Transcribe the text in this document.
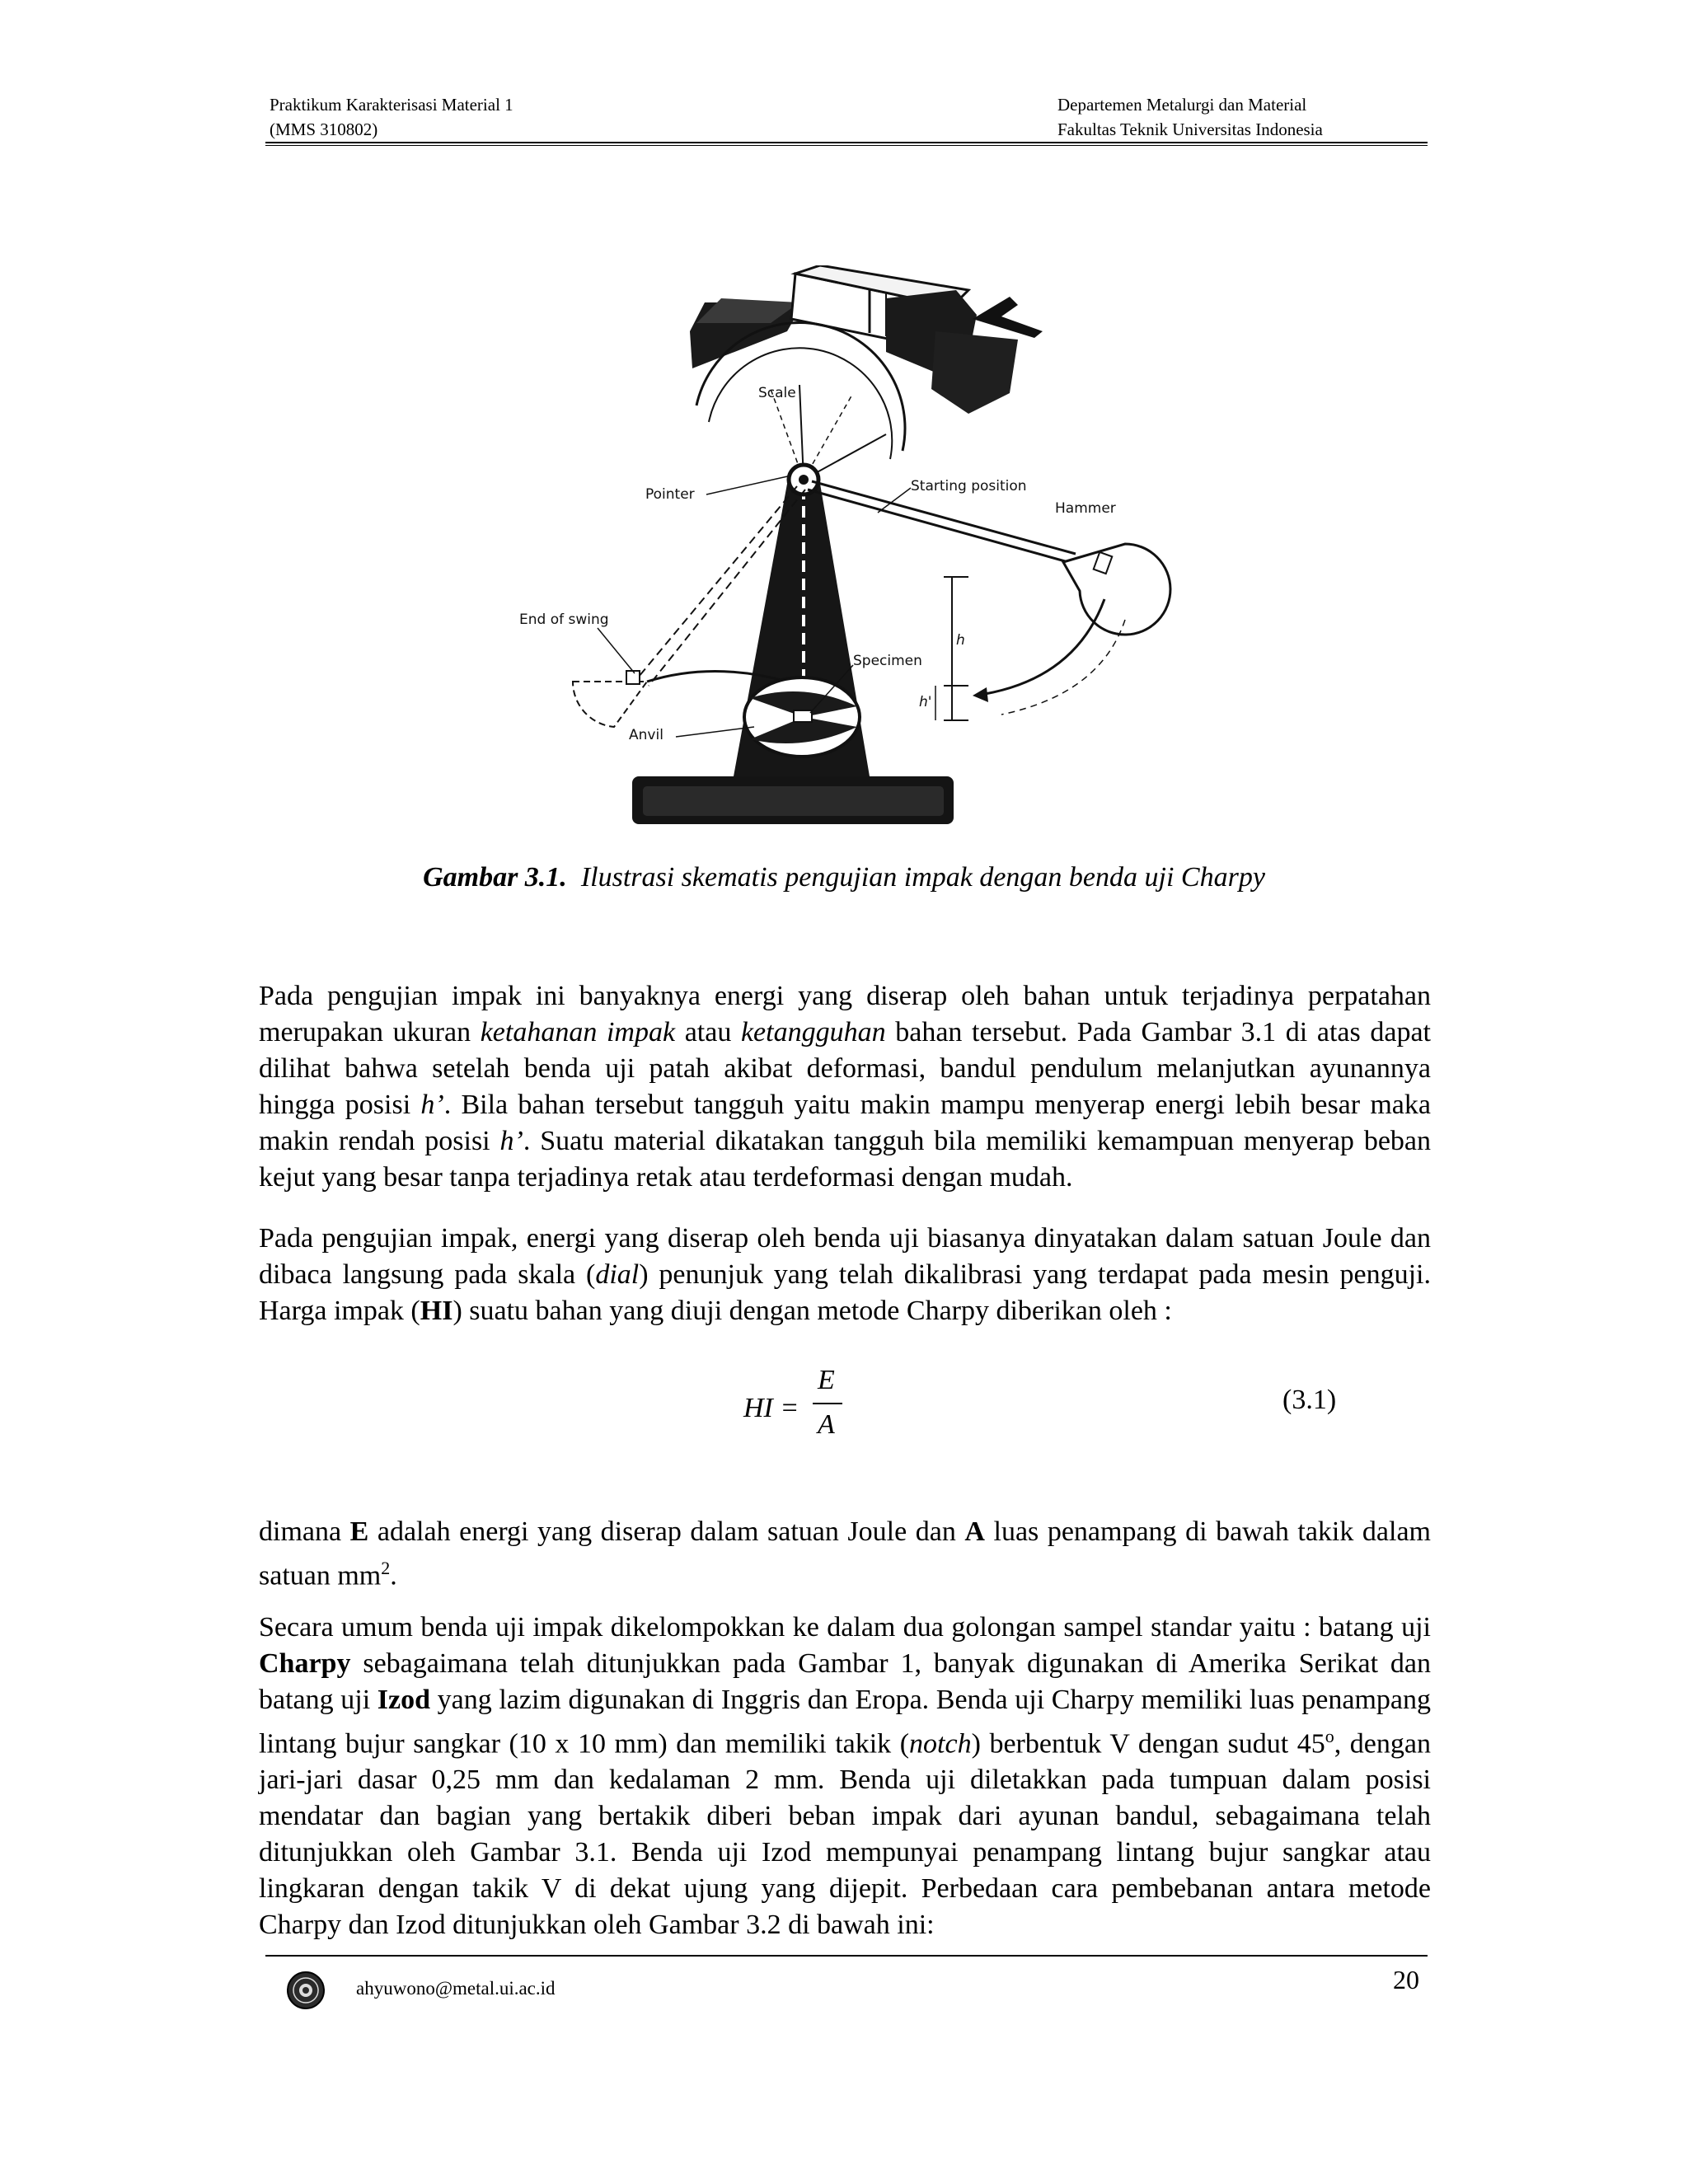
Praktikum Karakterisasi Material 1
(MMS 310802)
Departemen Metalurgi dan Material
Fakultas Teknik Universitas Indonesia
Scale
Pointer	Starting position
Hammer
End of swing
Specimen
Anvil
h
h'
Gambar 3.1. Ilustrasi skematis pengujian impak dengan benda uji Charpy
Pada pengujian impak ini banyaknya energi yang diserap oleh bahan untuk terjadinya perpatahan merupakan ukuran ketahanan impak atau ketangguhan bahan tersebut. Pada Gambar 3.1 di atas dapat dilihat bahwa setelah benda uji patah akibat deformasi, bandul pendulum melanjutkan ayunannya hingga posisi h’. Bila bahan tersebut tangguh yaitu makin mampu menyerap energi lebih besar maka makin rendah posisi h’. Suatu material dikatakan tangguh bila memiliki kemampuan menyerap beban kejut yang besar tanpa terjadinya retak atau terdeformasi dengan mudah.
Pada pengujian impak, energi yang diserap oleh benda uji biasanya dinyatakan dalam satuan Joule dan dibaca langsung pada skala (dial) penunjuk yang telah dikalibrasi yang terdapat pada mesin penguji. Harga impak (HI) suatu bahan yang diuji dengan metode Charpy diberikan oleh :
HI =
E
A
(3.1)
dimana E adalah energi yang diserap dalam satuan Joule dan A luas penampang di bawah takik dalam satuan $mm^2$.
Secara umum benda uji impak dikelompokkan ke dalam dua golongan sampel standar yaitu : batang uji Charpy sebagaimana telah ditunjukkan pada Gambar 1, banyak digunakan di Amerika Serikat dan batang uji Izod yang lazim digunakan di Inggris dan Eropa. Benda uji Charpy memiliki luas penampang lintang bujur sangkar (10 x 10 mm) dan memiliki takik (notch) berbentuk V dengan sudut 45$^o$, dengan jari-jari dasar 0,25 mm dan kedalaman 2 mm. Benda uji diletakkan pada tumpuan dalam posisi mendatar dan bagian yang bertakik diberi beban impak dari ayunan bandul, sebagaimana telah ditunjukkan oleh Gambar 3.1. Benda uji Izod mempunyai penampang lintang bujur sangkar atau lingkaran dengan takik V di dekat ujung yang dijepit. Perbedaan cara pembebanan antara metode Charpy dan Izod ditunjukkan oleh Gambar 3.2 di bawah ini:
ahyuwono@metal.ui.ac.id	20
